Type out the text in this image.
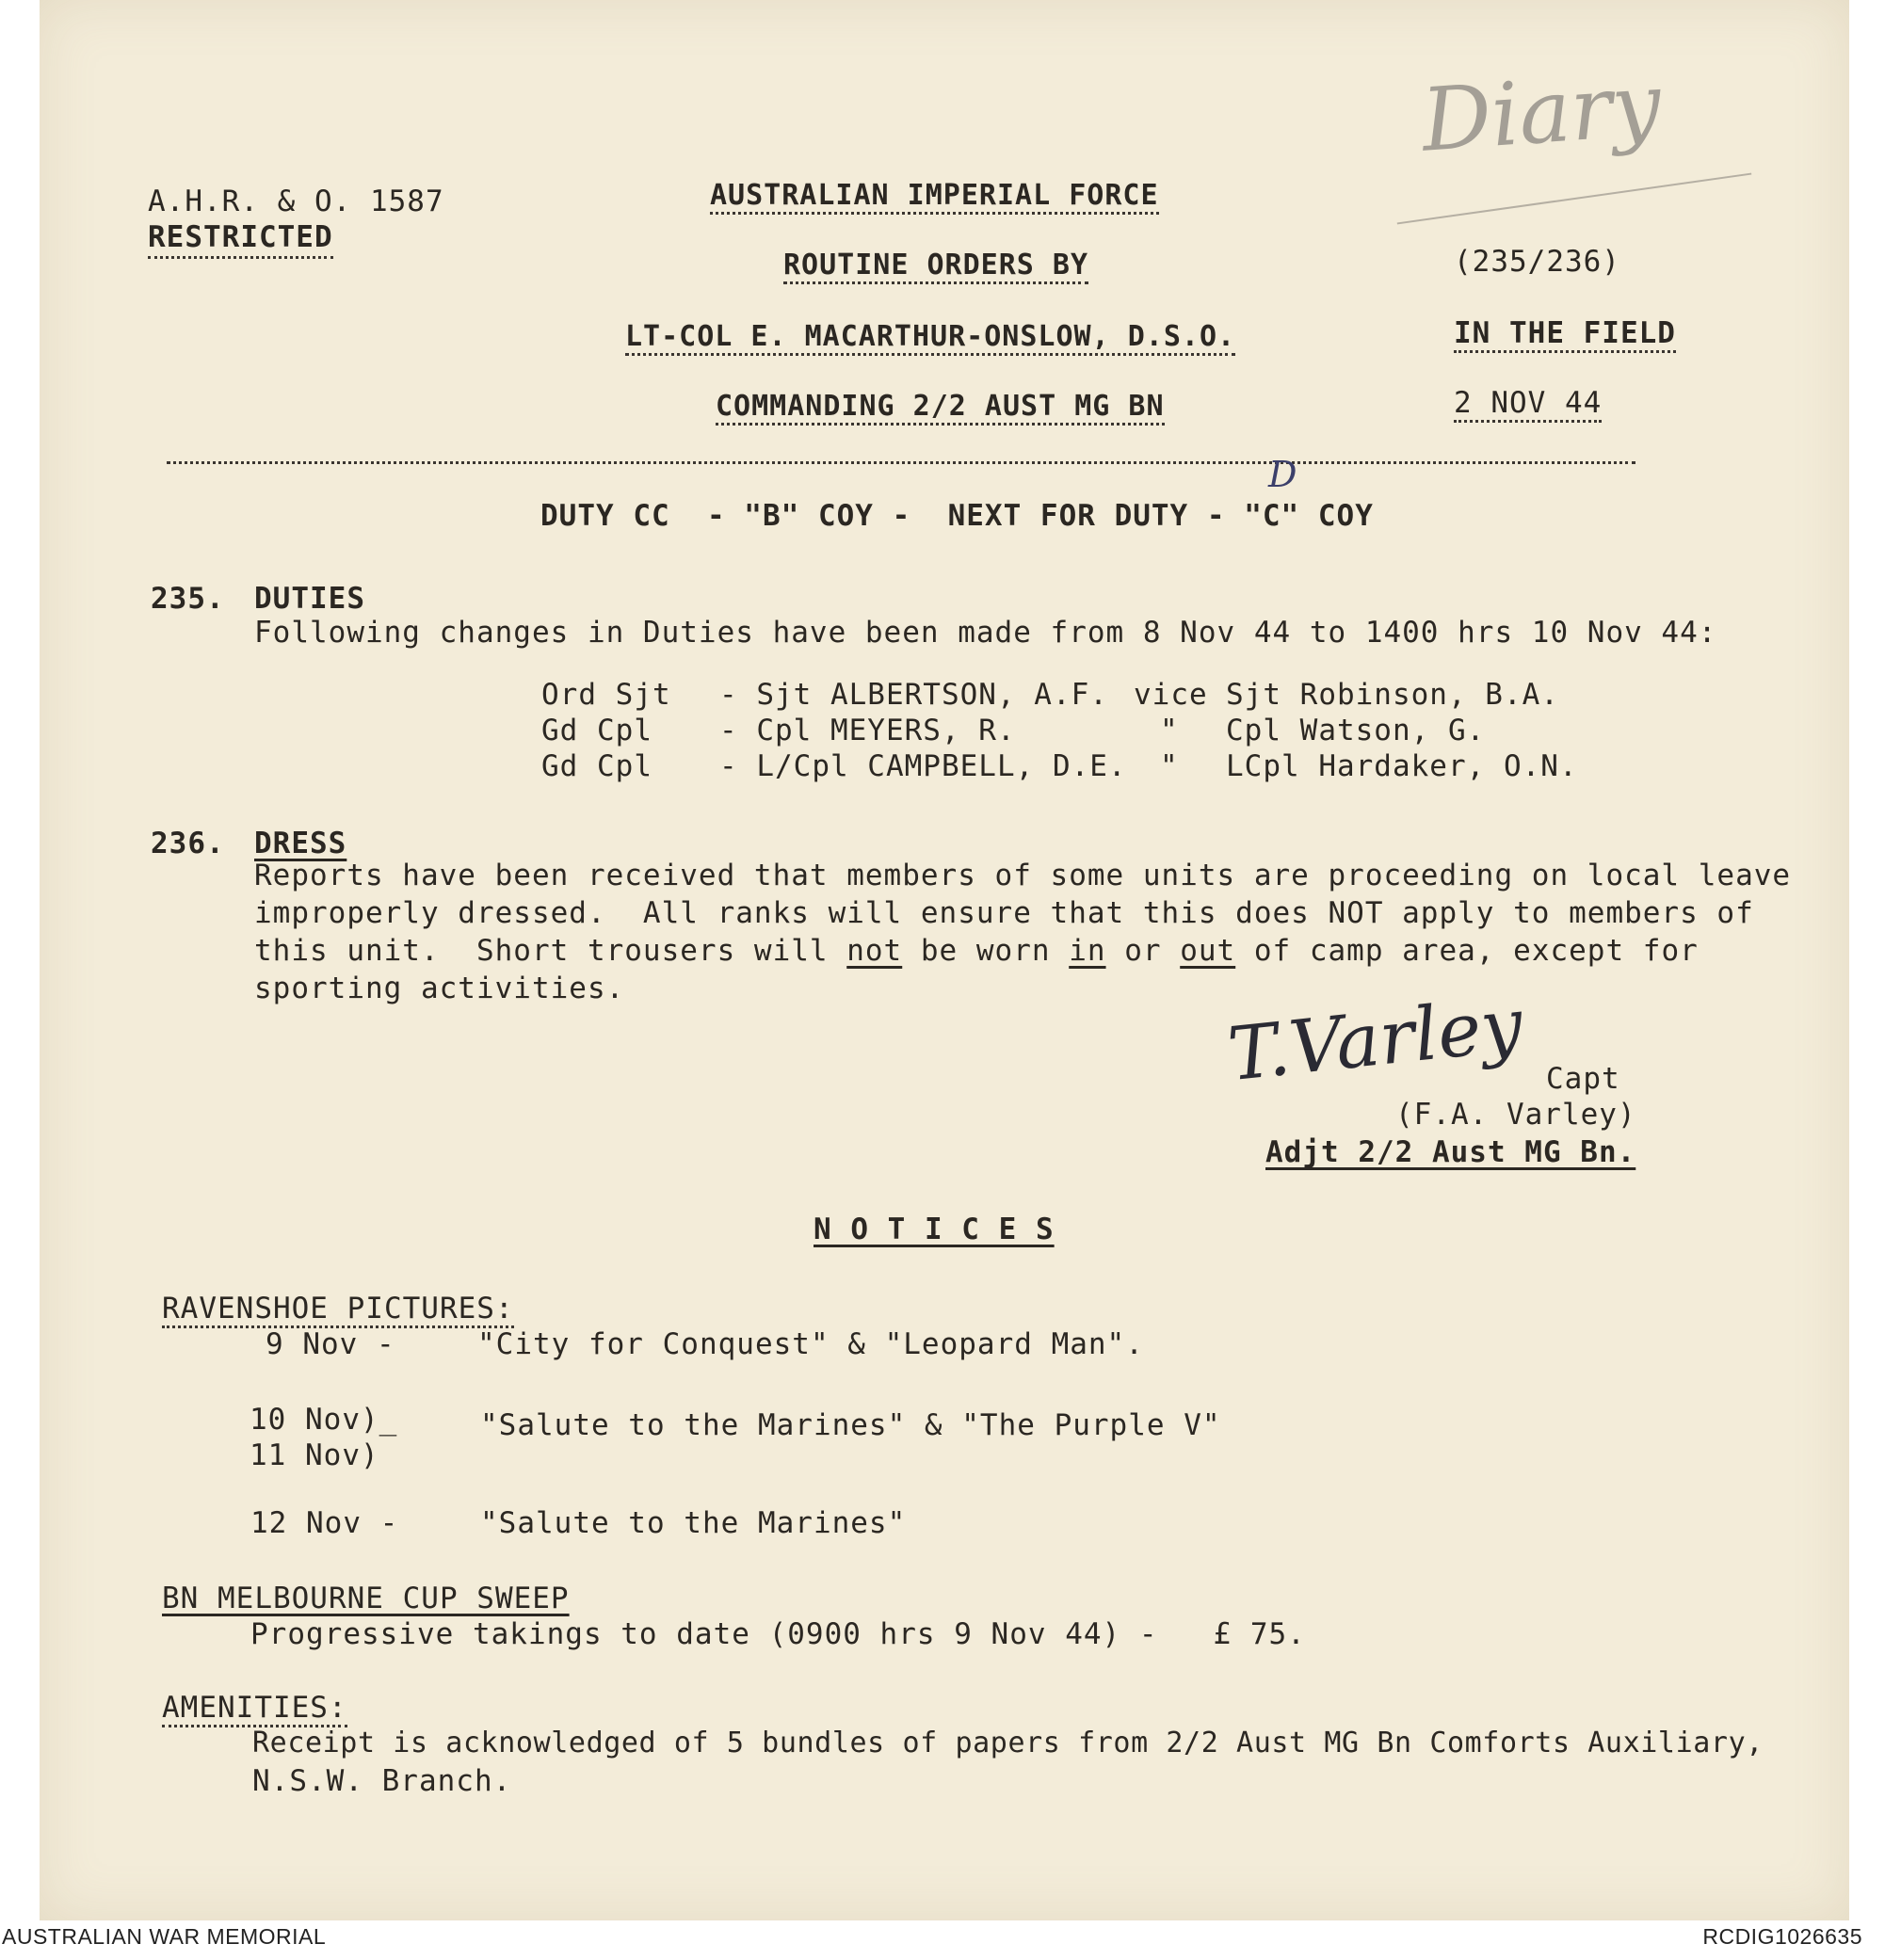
Diary
A.H.R. & O. 1587
RESTRICTED
AUSTRALIAN IMPERIAL FORCE
ROUTINE ORDERS BY
LT-COL E. MACARTHUR-ONSLOW, D.S.O.
COMMANDING 2/2 AUST MG BN
(235/236)
IN THE FIELD
2 NOV 44
DUTY CC  - "B" COY -  NEXT FOR DUTY - "C" COY
D
235. DUTIES
Following changes in Duties have been made from 8 Nov 44 to 1400 hrs 10 Nov 44:
Ord Sjt - Sjt ALBERTSON, A.F. vice Sjt Robinson, B.A.
Gd Cpl - Cpl MEYERS, R.	" Cpl Watson, G.
Gd Cpl - L/Cpl CAMPBELL, D.E. " LCpl Hardaker, O.N.
236. DRESS
Reports have been received that members of some units are proceeding on local leave
improperly dressed.  All ranks will ensure that this does NOT apply to members of
this unit.  Short trousers will not be worn in or out of camp area, except for
sporting activities.	T.Varley Capt
(F.A. Varley)
Adjt 2/2 Aust MG Bn.
N O T I C E S
RAVENSHOE PICTURES:
9 Nov -	"City for Conquest" & "Leopard Man".
10 Nov)_
11 Nov)
"Salute to the Marines" & "The Purple V"
12 Nov -	"Salute to the Marines"
BN MELBOURNE CUP SWEEP
Progressive takings to date (0900 hrs 9 Nov 44) -   £ 75.
AMENITIES:
Receipt is acknowledged of 5 bundles of papers from 2/2 Aust MG Bn Comforts Auxiliary,
N.S.W. Branch.
AUSTRALIAN WAR MEMORIAL	RCDIG1026635
